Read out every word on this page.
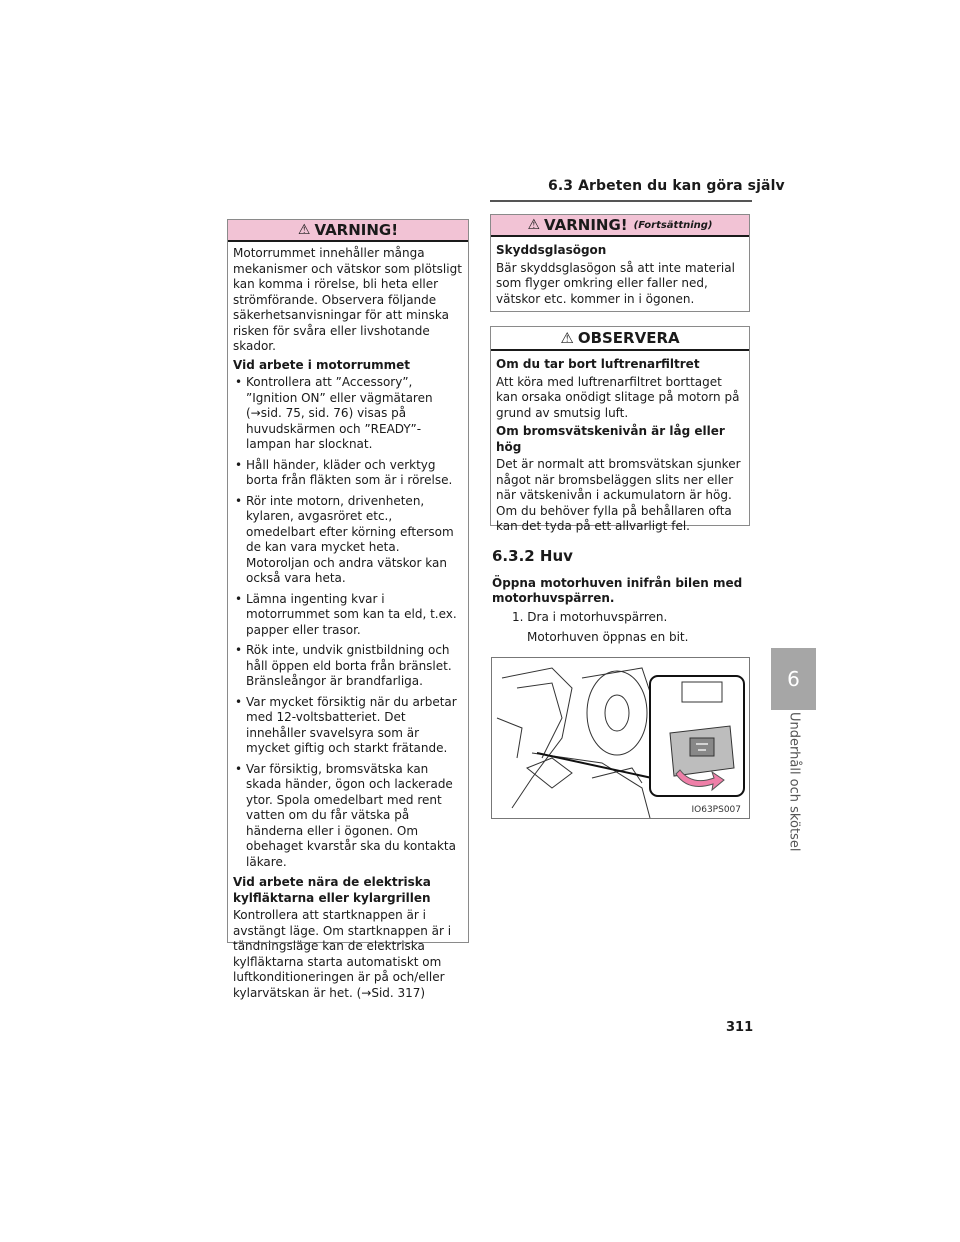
6.3 Arbeten du kan göra själv
6
Underhåll och skötsel
⚠ VARNING!

Motorrummet innehåller många mekanismer och vätskor som plötsligt kan komma i rörelse, bli heta eller strömförande. Observera följande säkerhetsanvisningar för att minska risken för svåra eller livshotande skador.

Vid arbete i motorrummet
• Kontrollera att ”Accessory”, ”Ignition ON” eller vägmätaren (→sid. 75, sid. 76) visas på huvudskärmen och ”READY”-lampan har slocknat.
• Håll händer, kläder och verktyg borta från fläkten som är i rörelse.
• Rör inte motorn, drivenheten, kylaren, avgasröret etc., omedelbart efter körning eftersom de kan vara mycket heta. Motoroljan och andra vätskor kan också vara heta.
• Lämna ingenting kvar i motorrummet som kan ta eld, t.ex. papper eller trasor.
• Rök inte, undvik gnistbildning och håll öppen eld borta från bränslet. Bränsleångor är brandfarliga.
• Var mycket försiktig när du arbetar med 12-voltsbatteriet. Det innehåller svavelsyra som är mycket giftig och starkt frätande.
• Var försiktig, bromsvätska kan skada händer, ögon och lackerade ytor. Spola omedelbart med rent vatten om du får vätska på händerna eller i ögonen. Om obehaget kvarstår ska du kontakta läkare.
Vid arbete nära de elektriska kylfläktarna eller kylargrillen

Kontrollera att startknappen är i avstängt läge. Om startknappen är i tändningsläge kan de elektriska kylfläktarna starta automatiskt om luftkonditioneringen är på och/eller kylarvätskan är het. (→Sid. 317)

⚠ VARNING! (Fortsättning)
Skyddsglasögon

Bär skyddsglasögon så att inte material som flyger omkring eller faller ned, vätskor etc. kommer in i ögonen.

⚠ OBSERVERA
Om du tar bort luftrenarfiltret

Att köra med luftrenarfiltret borttaget kan orsaka onödigt slitage på motorn på grund av smutsig luft.

Om bromsvätskenivån är låg eller hög

Det är normalt att bromsvätskan sjunker något när bromsbeläggen slits ner eller när vätskenivån i ackumulatorn är hög. Om du behöver fylla på behållaren ofta kan det tyda på ett allvarligt fel.

6.3.2 Huv
Öppna motorhuven inifrån bilen med motorhuvspärren.
1. Dra i motorhuvspärren.
Motorhuven öppnas en bit.
IO63PS007
311
